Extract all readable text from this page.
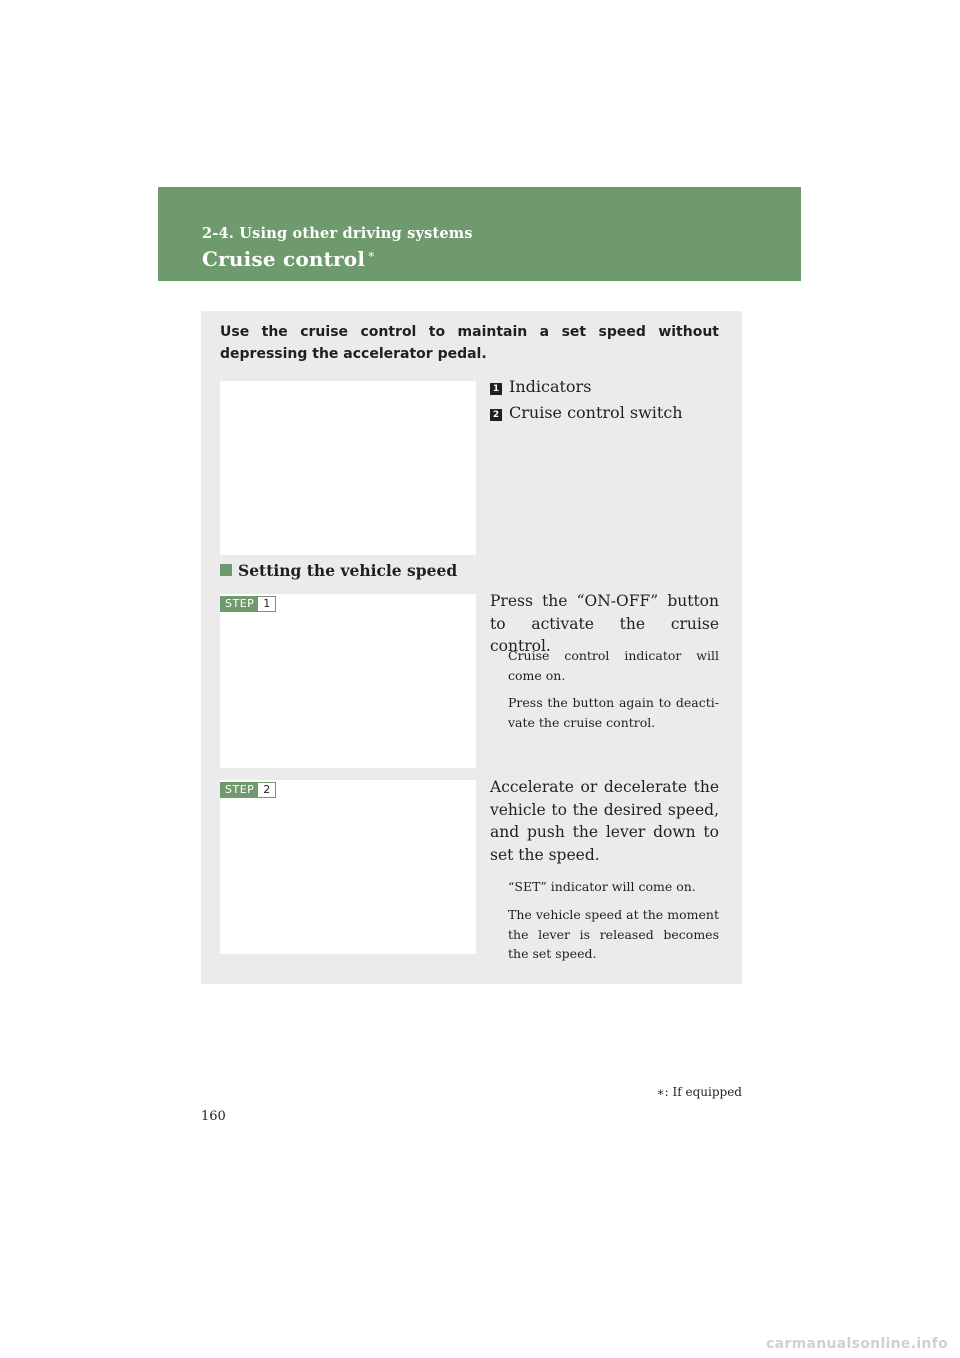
2-4. Using other driving systems
Cruise control ∗
Use the cruise control to maintain a set speed without depressing the accelerator pedal.
1 Indicators
2 Cruise control switch
Setting the vehicle speed
STEP 1	Press the “ON-OFF” button to activate the cruise control.
Cruise control indicator will come on.
Press the button again to deacti-vate the cruise control.
STEP 2	Accelerate or decelerate the vehicle to the desired speed, and push the lever down to set the speed.
“SET” indicator will come on.
The vehicle speed at the moment the lever is released becomes the set speed.
∗: If equipped
160
carmanualsonline.info
